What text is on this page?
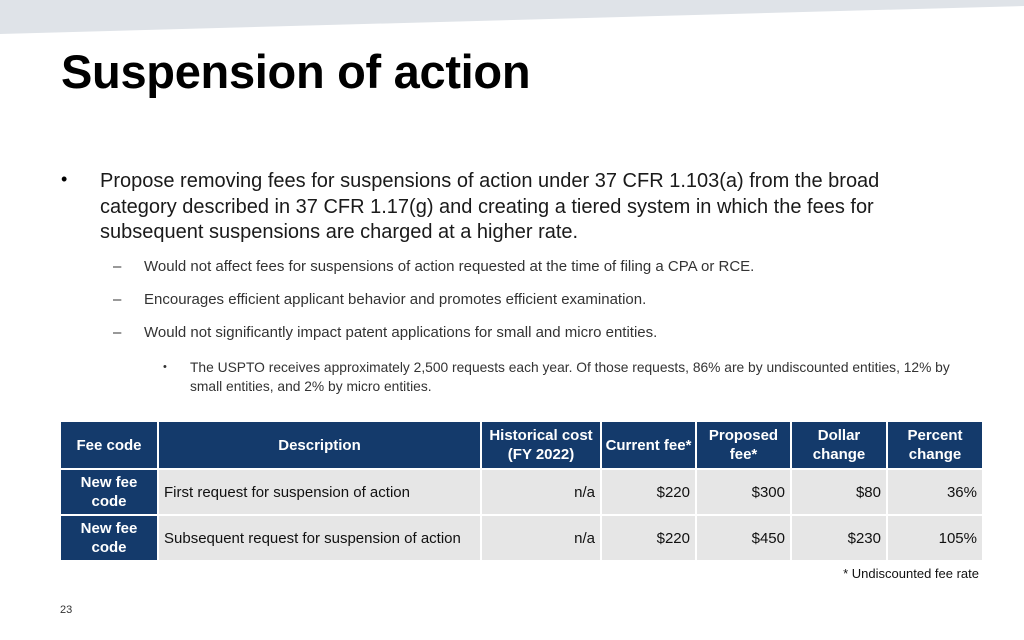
Suspension of action
• Propose removing fees for suspensions of action under 37 CFR 1.103(a) from the broad category described in 37 CFR 1.17(g) and creating a tiered system in which the fees for subsequent suspensions are charged at a higher rate.
– Would not affect fees for suspensions of action requested at the time of filing a CPA or RCE.
– Encourages efficient applicant behavior and promotes efficient examination.
– Would not significantly impact patent applications for small and micro entities.
• The USPTO receives approximately 2,500 requests each year. Of those requests, 86% are by undiscounted entities, 12% by small entities, and 2% by micro entities.
Fee code	Description	Historical cost (FY 2022)	Current fee*	Proposed fee*	Dollar change	Percent change
New fee code	First request for suspension of action	n/a	$220	$300	$80	36%
New fee code	Subsequent request for suspension of action	n/a	$220	$450	$230	105%
* Undiscounted fee rate
23
